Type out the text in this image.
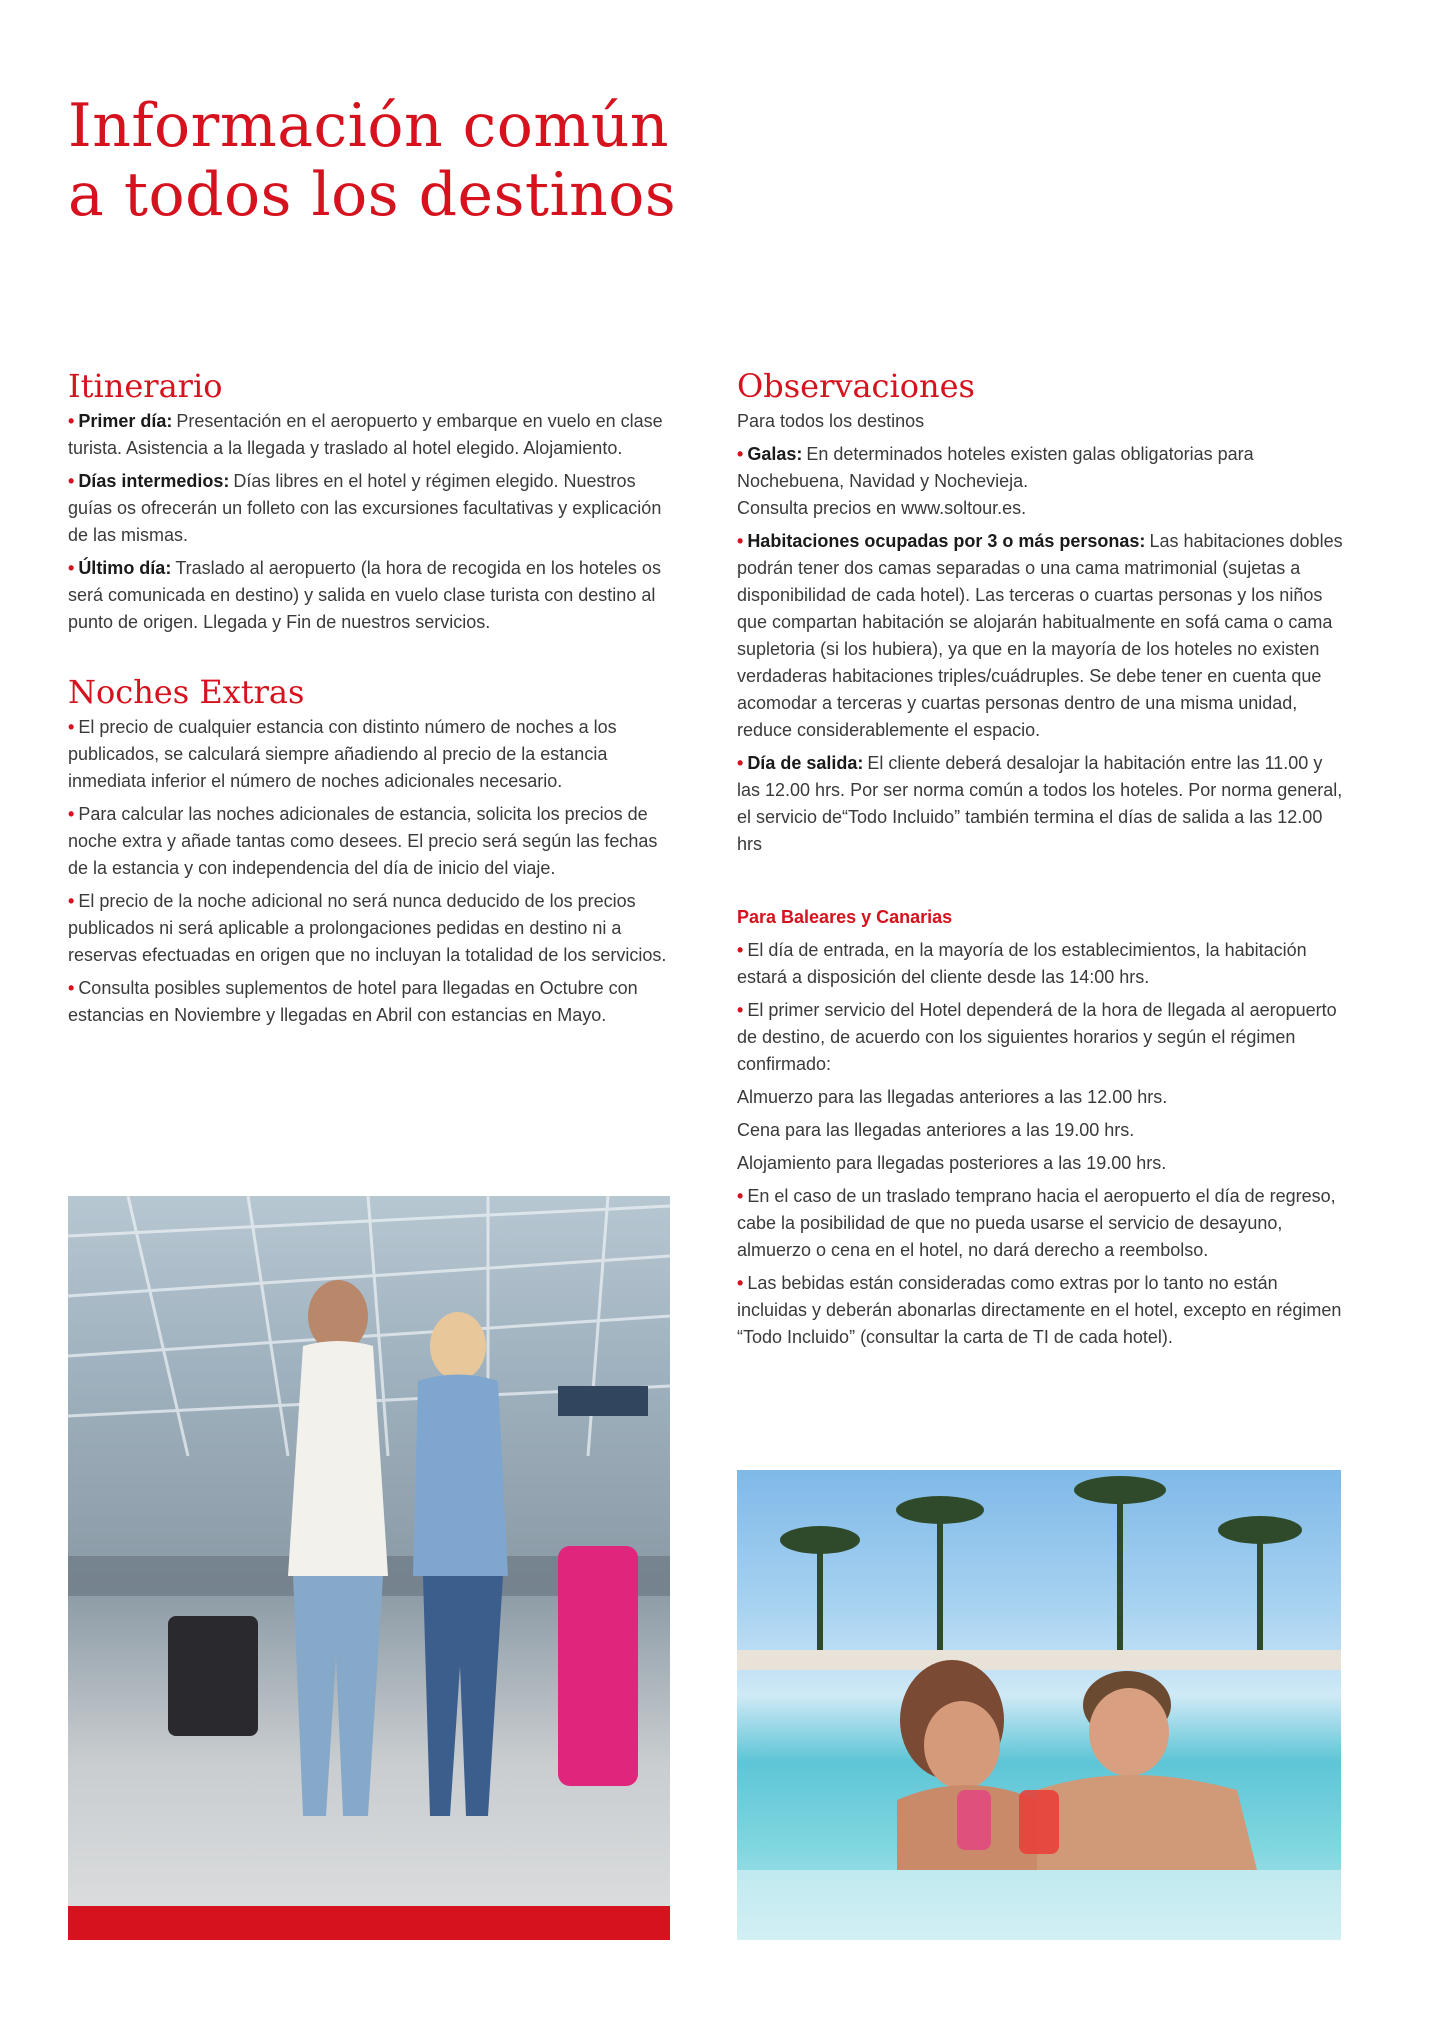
Información común
a todos los destinos
Itinerario

• Primer día: Presentación en el aeropuerto y embarque en vuelo en clase turista. Asistencia a la llegada y traslado al hotel elegido. Alojamiento.

• Días intermedios: Días libres en el hotel y régimen elegido. Nuestros guías os ofrecerán un folleto con las excursiones facultativas y explicación de las mismas.

• Último día: Traslado al aeropuerto (la hora de recogida en los hoteles os será comunicada en destino) y salida en vuelo clase turista con destino al punto de origen. Llegada y Fin de nuestros servicios.

Noches Extras

• El precio de cualquier estancia con distinto número de noches a los publicados, se calculará siempre añadiendo al precio de la estancia inmediata inferior el número de noches adicionales necesario.

• Para calcular las noches adicionales de estancia, solicita los precios de noche extra y añade tantas como desees. El precio será según las fechas de la estancia y con independencia del día de inicio del viaje.

• El precio de la noche adicional no será nunca deducido de los precios publicados ni será aplicable a prolongaciones pedidas en destino ni a reservas efectuadas en origen que no incluyan la totalidad de los servicios.

• Consulta posibles suplementos de hotel para llegadas en Octubre con estancias en Noviembre y llegadas en Abril con estancias en Mayo.

Observaciones

Para todos los destinos

• Galas: En determinados hoteles existen galas obligatorias para Nochebuena, Navidad y Nochevieja.

Consulta precios en www.soltour.es.

• Habitaciones ocupadas por 3 o más personas: Las habitaciones dobles podrán tener dos camas separadas o una cama matrimonial (sujetas a disponibilidad de cada hotel). Las terceras o cuartas personas y los niños que compartan habitación se alojarán habitualmente en sofá cama o cama supletoria (si los hubiera), ya que en la mayoría de los hoteles no existen verdaderas habitaciones triples/cuádruples. Se debe tener en cuenta que acomodar a terceras y cuartas personas dentro de una misma unidad, reduce considerablemente el espacio.

• Día de salida: El cliente deberá desalojar la habitación entre las 11.00 y las 12.00 hrs. Por ser norma común a todos los hoteles. Por norma general, el servicio de“Todo Incluido” también termina el días de salida a las 12.00 hrs

Para Baleares y Canarias

• El día de entrada, en la mayoría de los establecimientos, la habitación estará a disposición del cliente desde las 14:00 hrs.

• El primer servicio del Hotel dependerá de la hora de llegada al aeropuerto de destino, de acuerdo con los siguientes horarios y según el régimen confirmado:

Almuerzo para las llegadas anteriores a las 12.00 hrs.

Cena para las llegadas anteriores a las 19.00 hrs.

Alojamiento para llegadas posteriores a las 19.00 hrs.

• En el caso de un traslado temprano hacia el aeropuerto el día de regreso, cabe la posibilidad de que no pueda usarse el servicio de desayuno, almuerzo o cena en el hotel, no dará derecho a reembolso.

• Las bebidas están consideradas como extras por lo tanto no están incluidas y deberán abonarlas directamente en el hotel, excepto en régimen “Todo Incluido” (consultar la carta de TI de cada hotel).
